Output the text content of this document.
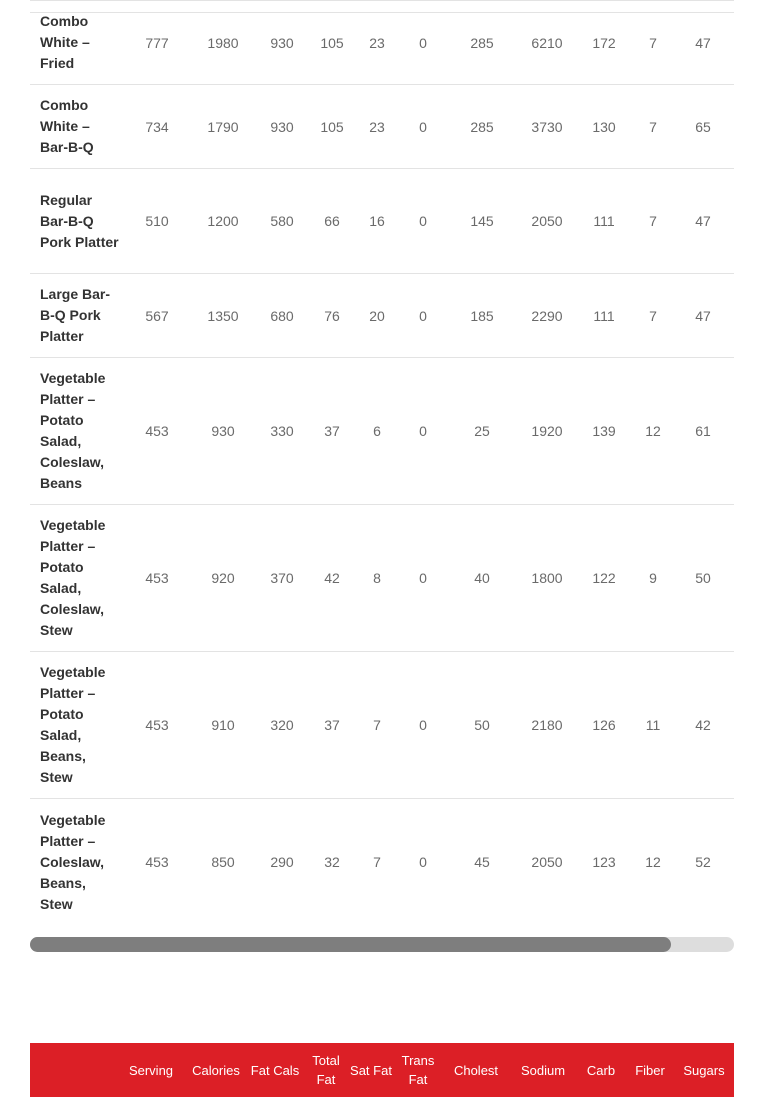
Combo White – Fried	777	1980	930	105	23	0	285	6210	172	7	47
Combo White – Bar-B-Q	734	1790	930	105	23	0	285	3730	130	7	65
Regular Bar-B-Q Pork Platter	510	1200	580	66	16	0	145	2050	111	7	47
Large Bar-B-Q Pork Platter	567	1350	680	76	20	0	185	2290	111	7	47
Vegetable Platter – Potato Salad, Coleslaw, Beans	453	930	330	37	6	0	25	1920	139	12	61
Vegetable Platter – Potato Salad, Coleslaw, Stew	453	920	370	42	8	0	40	1800	122	9	50
Vegetable Platter – Potato Salad, Beans, Stew	453	910	320	37	7	0	50	2180	126	11	42
Vegetable Platter – Coleslaw, Beans, Stew	453	850	290	32	7	0	45	2050	123	12	52
	Serving	Calories	Fat Cals	Total Fat	Sat Fat	Trans Fat	Cholest	Sodium	Carb	Fiber	Sugars
